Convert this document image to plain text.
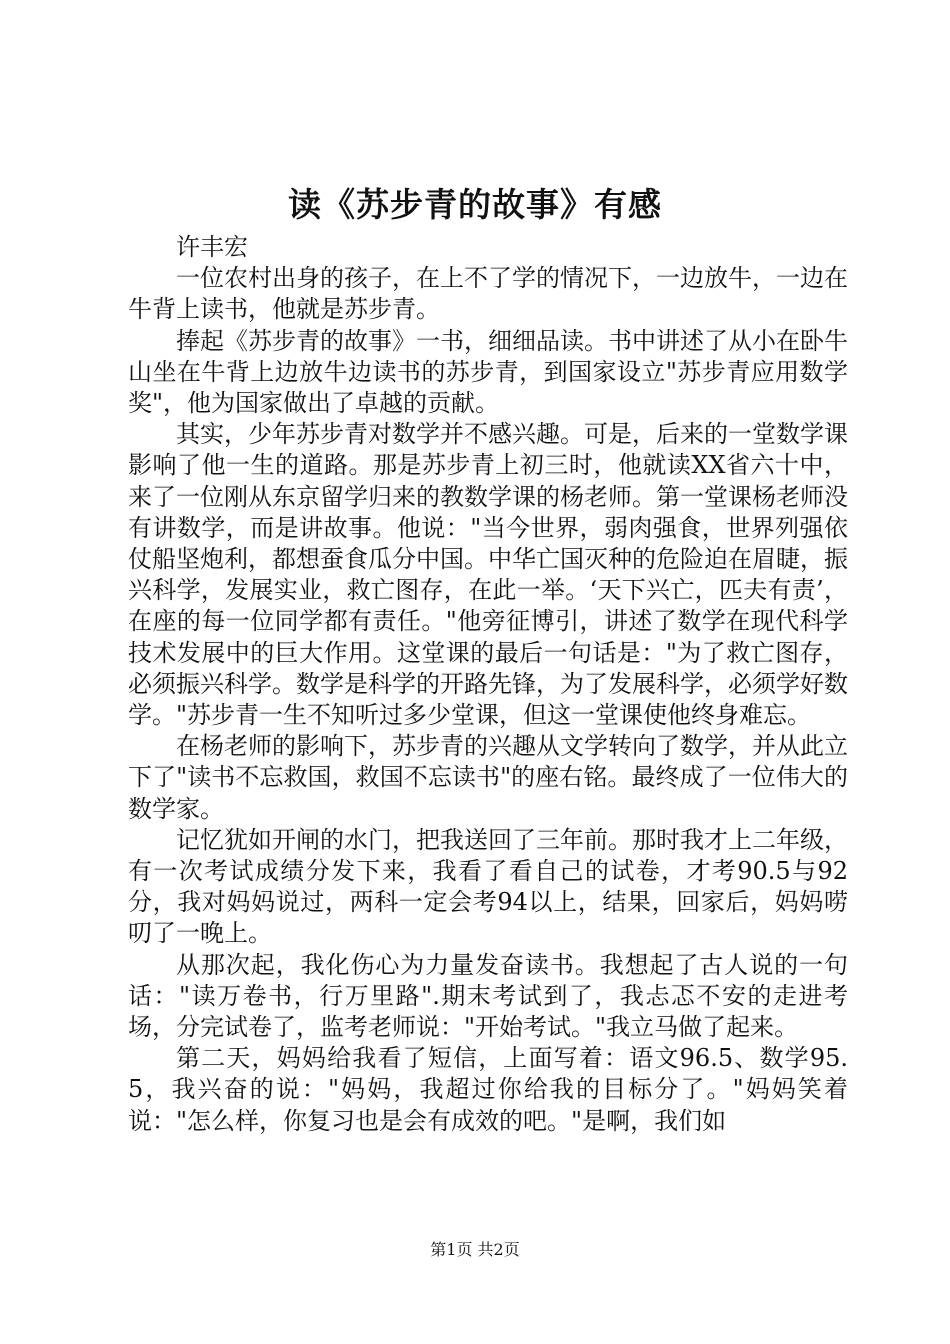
读《苏步青的故事》有感

许丰宏

一位农村出身的孩子，在上不了学的情况下，一边放牛，一边在牛背上读书，他就是苏步青。

捧起《苏步青的故事》一书，细细品读。书中讲述了从小在卧牛山坐在牛背上边放牛边读书的苏步青，到国家设立"苏步青应用数学奖"，他为国家做出了卓越的贡献。

其实，少年苏步青对数学并不感兴趣。可是，后来的一堂数学课影响了他一生的道路。那是苏步青上初三时，他就读XX省六十中，来了一位刚从东京留学归来的教数学课的杨老师。第一堂课杨老师没有讲数学，而是讲故事。他说："当今世界，弱肉强食，世界列强依仗船坚炮利，都想蚕食瓜分中国。中华亡国灭种的危险迫在眉睫，振兴科学，发展实业，救亡图存，在此一举。‘天下兴亡，匹夫有责’，在座的每一位同学都有责任。"他旁征博引，讲述了数学在现代科学技术发展中的巨大作用。这堂课的最后一句话是："为了救亡图存，必须振兴科学。数学是科学的开路先锋，为了发展科学，必须学好数学。"苏步青一生不知听过多少堂课，但这一堂课使他终身难忘。

在杨老师的影响下，苏步青的兴趣从文学转向了数学，并从此立下了"读书不忘救国，救国不忘读书"的座右铭。最终成了一位伟大的数学家。

记忆犹如开闸的水门，把我送回了三年前。那时我才上二年级，有一次考试成绩分发下来，我看了看自己的试卷，才考90.5与92分，我对妈妈说过，两科一定会考94以上，结果，回家后，妈妈唠叨了一晚上。

从那次起，我化伤心为力量发奋读书。我想起了古人说的一句话："读万卷书，行万里路".期末考试到了，我忐忑不安的走进考场，分完试卷了，监考老师说："开始考试。"我立马做了起来。

第二天，妈妈给我看了短信，上面写着：语文96.5、数学95.5，我兴奋的说："妈妈，我超过你给我的目标分了。"妈妈笑着说："怎么样，你复习也是会有成效的吧。"是啊，我们如

第1页 共2页
